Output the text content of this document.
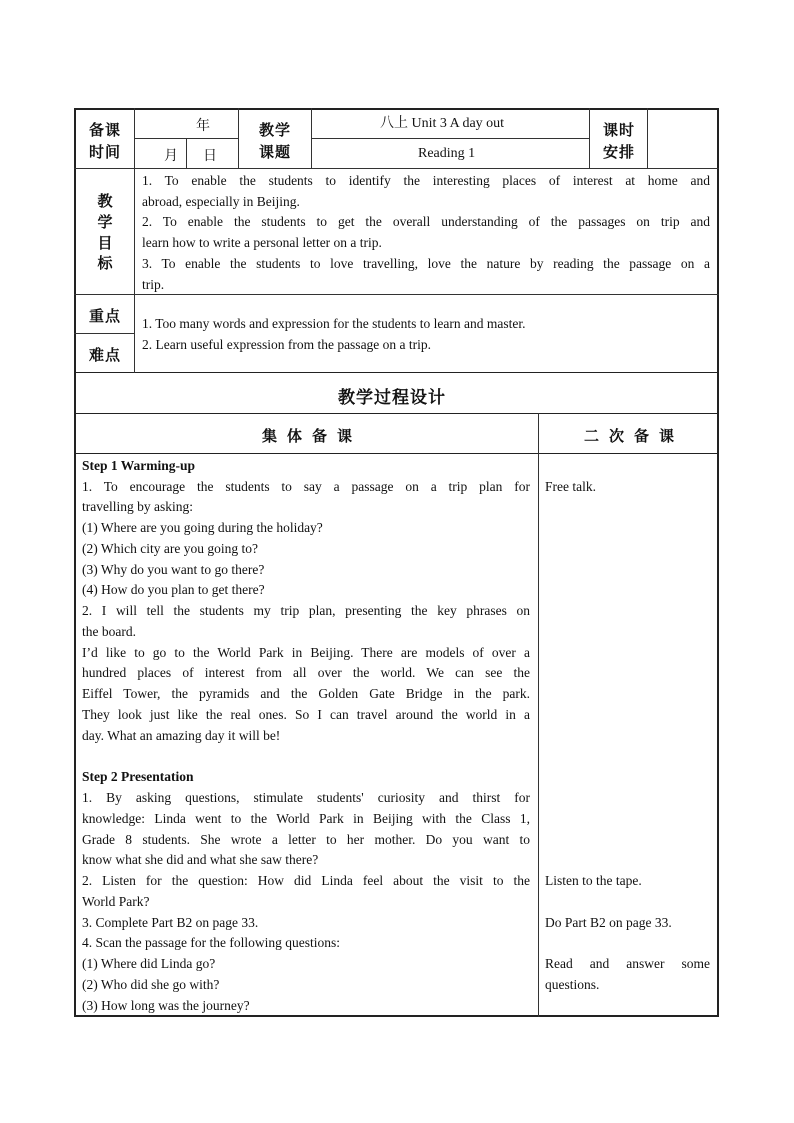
备课
时间
年
月 日
教学
课题
八上 Unit 3 A day out
Reading 1
课时
安排
教
学
目
标
1. To enable the students to identify the interesting places of interest at home and
abroad, especially in Beijing.
2. To enable the students to get the overall understanding of the passages on trip and
learn how to write a personal letter on a trip.
3. To enable the students to love travelling, love the nature by reading the passage on a
trip.
重点
难点
1. Too many words and expression for the students to learn and master.
2. Learn useful expression from the passage on a trip.
教学过程设计
集体备课	二次备课
Step 1 Warming-up
1. To encourage the students to say a passage on a trip plan for
travelling by asking:
(1) Where are you going during the holiday?
(2) Which city are you going to?
(3) Why do you want to go there?
(4) How do you plan to get there?
2. I will tell the students my trip plan, presenting the key phrases on
the board.
I’d like to go to the World Park in Beijing. There are models of over a
hundred places of interest from all over the world. We can see the
Eiffel Tower, the pyramids and the Golden Gate Bridge in the park.
They look just like the real ones. So I can travel around the world in a
day. What an amazing day it will be!
Step 2 Presentation
1. By asking questions, stimulate students' curiosity and thirst for
knowledge: Linda went to the World Park in Beijing with the Class 1,
Grade 8 students. She wrote a letter to her mother. Do you want to
know what she did and what she saw there?
2. Listen for the question: How did Linda feel about the visit to the
World Park?
3. Complete Part B2 on page 33.
4. Scan the passage for the following questions:
(1) Where did Linda go?
(2) Who did she go with?
(3) How long was the journey?
Free talk.
Listen to the tape.
Do Part B2 on page 33.
Read and answer some
questions.
